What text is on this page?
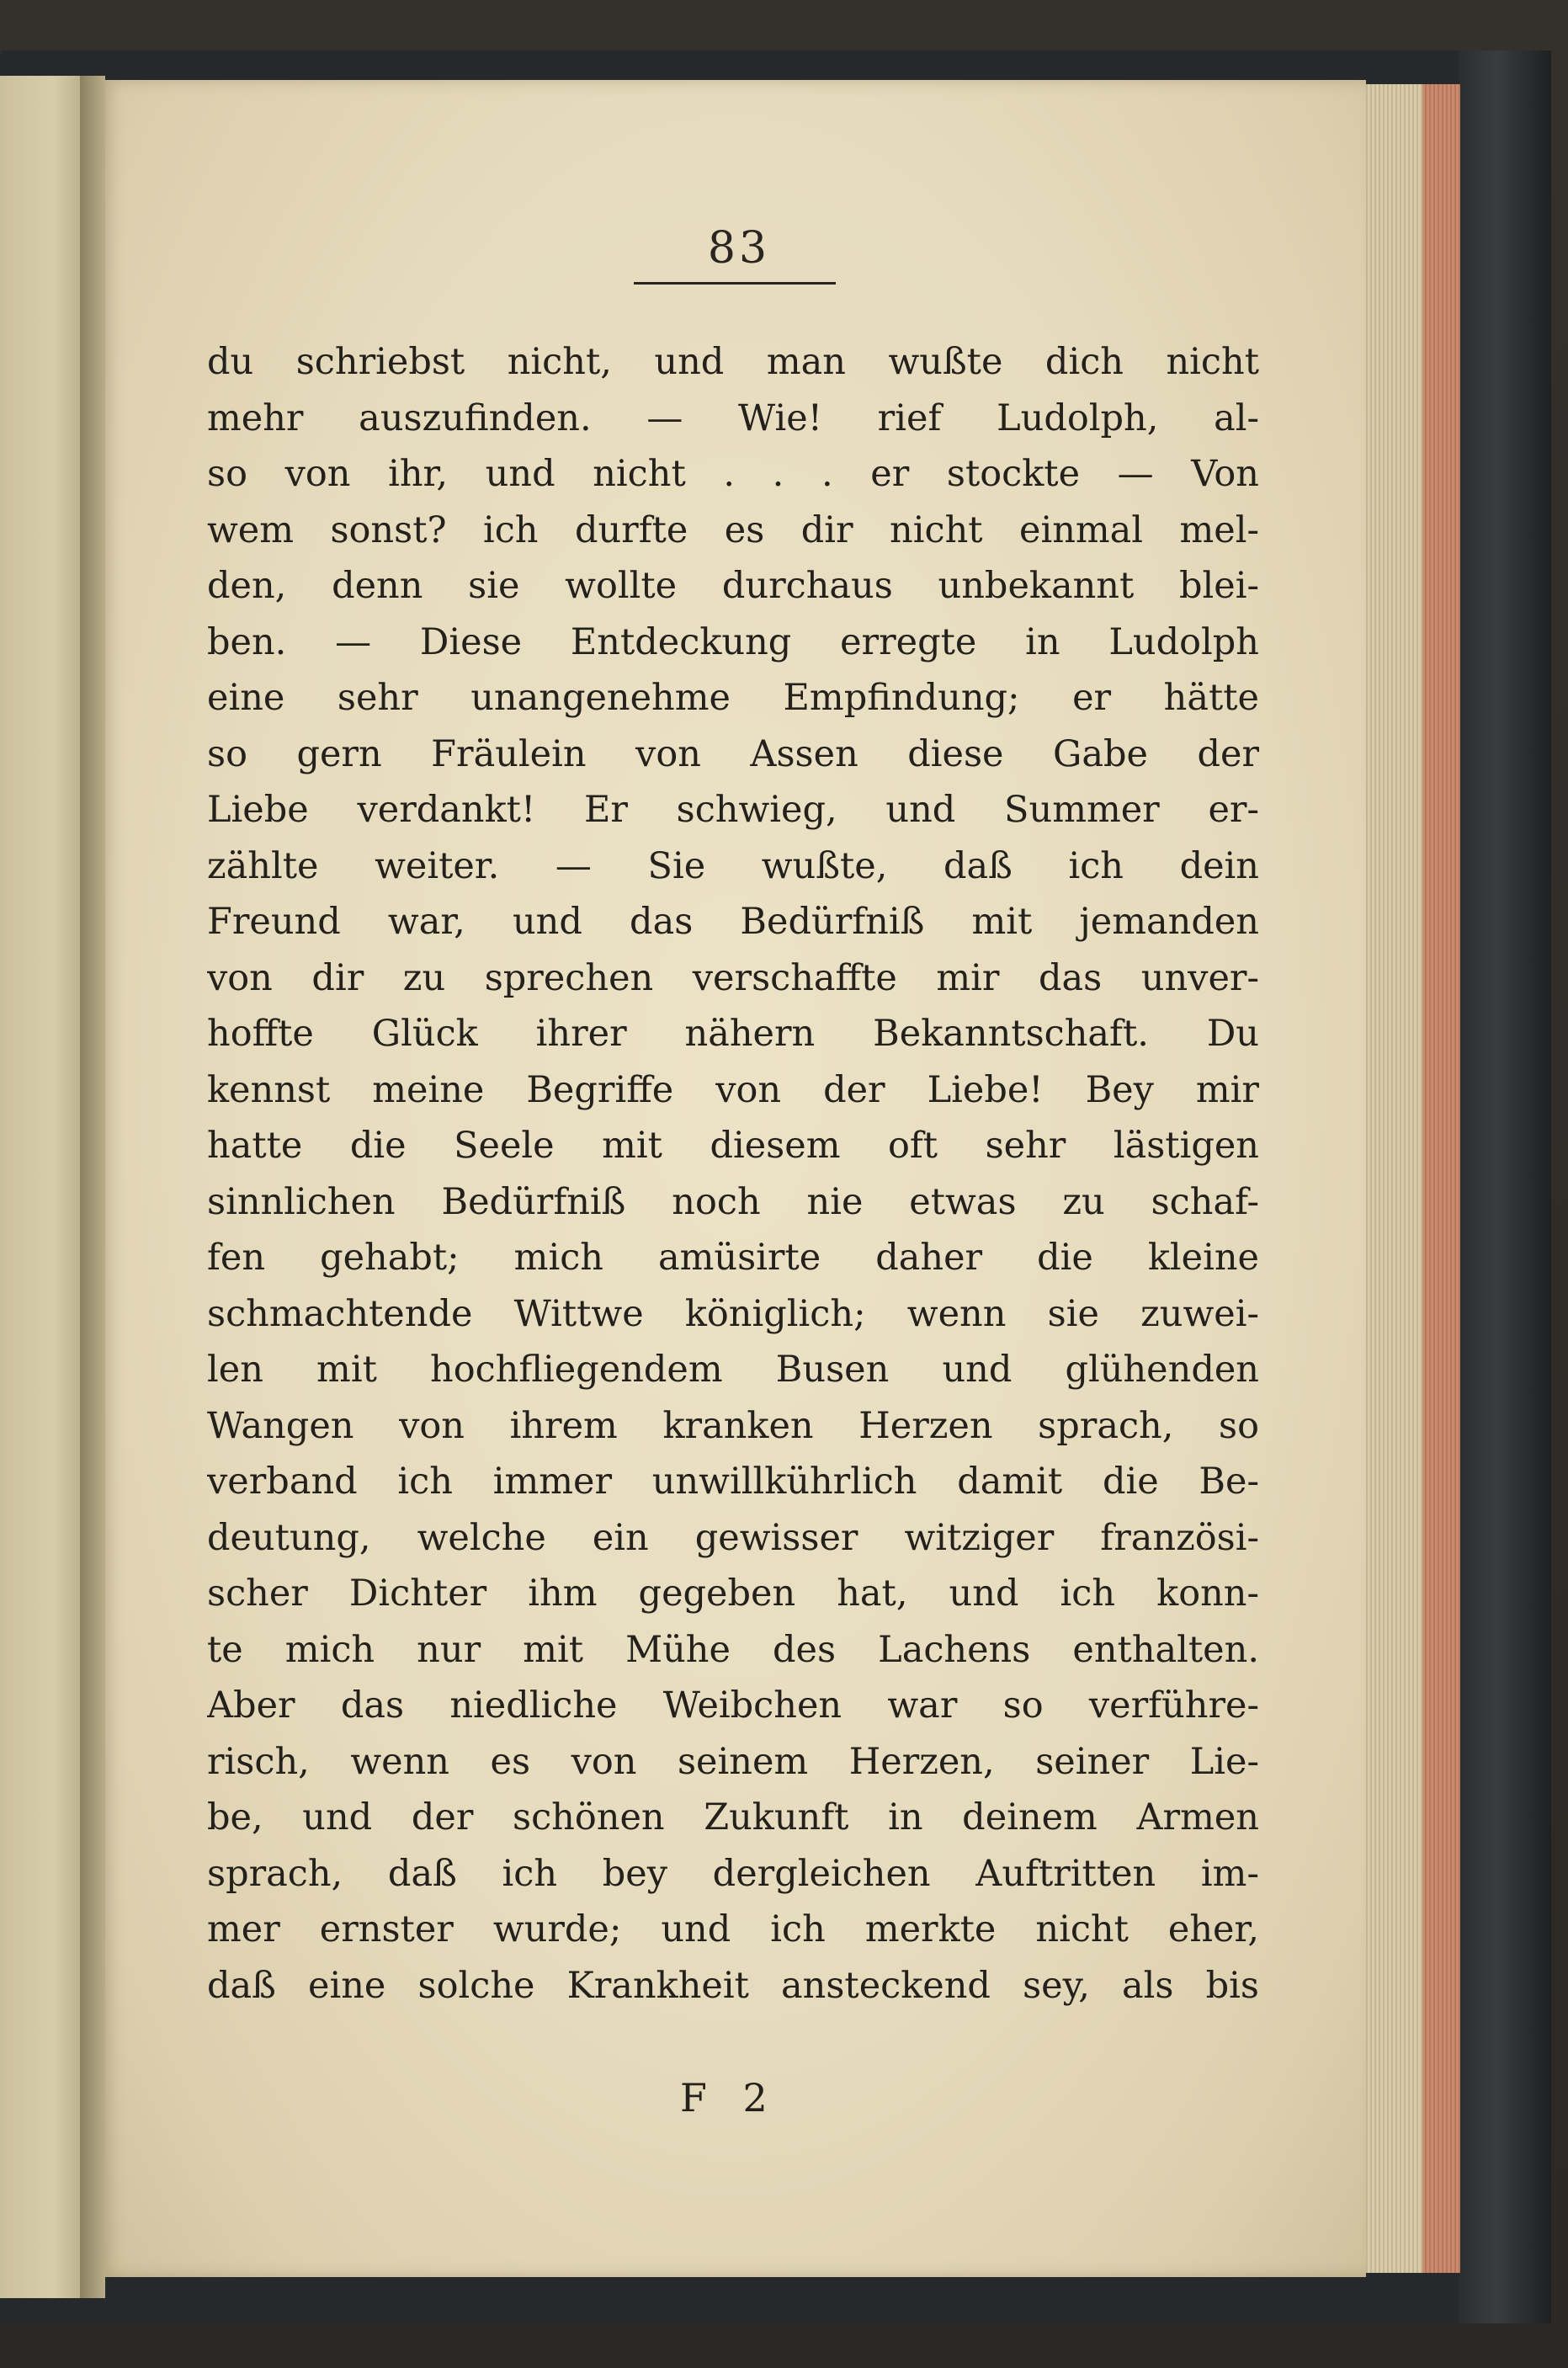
83
du schriebst nicht, und man wußte dich nicht
mehr auszufinden. — Wie! rief Ludolph, al-
so von ihr, und nicht . . . er stockte — Von
wem sonst? ich durfte es dir nicht einmal mel-
den, denn sie wollte durchaus unbekannt blei-
ben. — Diese Entdeckung erregte in Ludolph
eine sehr unangenehme Empfindung; er hätte
so gern Fräulein von Assen diese Gabe der
Liebe verdankt! Er schwieg, und Summer er-
zählte weiter. — Sie wußte, daß ich dein
Freund war, und das Bedürfniß mit jemanden
von dir zu sprechen verschaffte mir das unver-
hoffte Glück ihrer nähern Bekanntschaft. Du
kennst meine Begriffe von der Liebe! Bey mir
hatte die Seele mit diesem oft sehr lästigen
sinnlichen Bedürfniß noch nie etwas zu schaf-
fen gehabt; mich amüsirte daher die kleine
schmachtende Wittwe königlich; wenn sie zuwei-
len mit hochfliegendem Busen und glühenden
Wangen von ihrem kranken Herzen sprach, so
verband ich immer unwillkührlich damit die Be-
deutung, welche ein gewisser witziger französi-
scher Dichter ihm gegeben hat, und ich konn-
te mich nur mit Mühe des Lachens enthalten.
Aber das niedliche Weibchen war so verführe-
risch, wenn es von seinem Herzen, seiner Lie-
be, und der schönen Zukunft in deinem Armen
sprach, daß ich bey dergleichen Auftritten im-
mer ernster wurde; und ich merkte nicht eher,
daß eine solche Krankheit ansteckend sey, als bis
F 2
